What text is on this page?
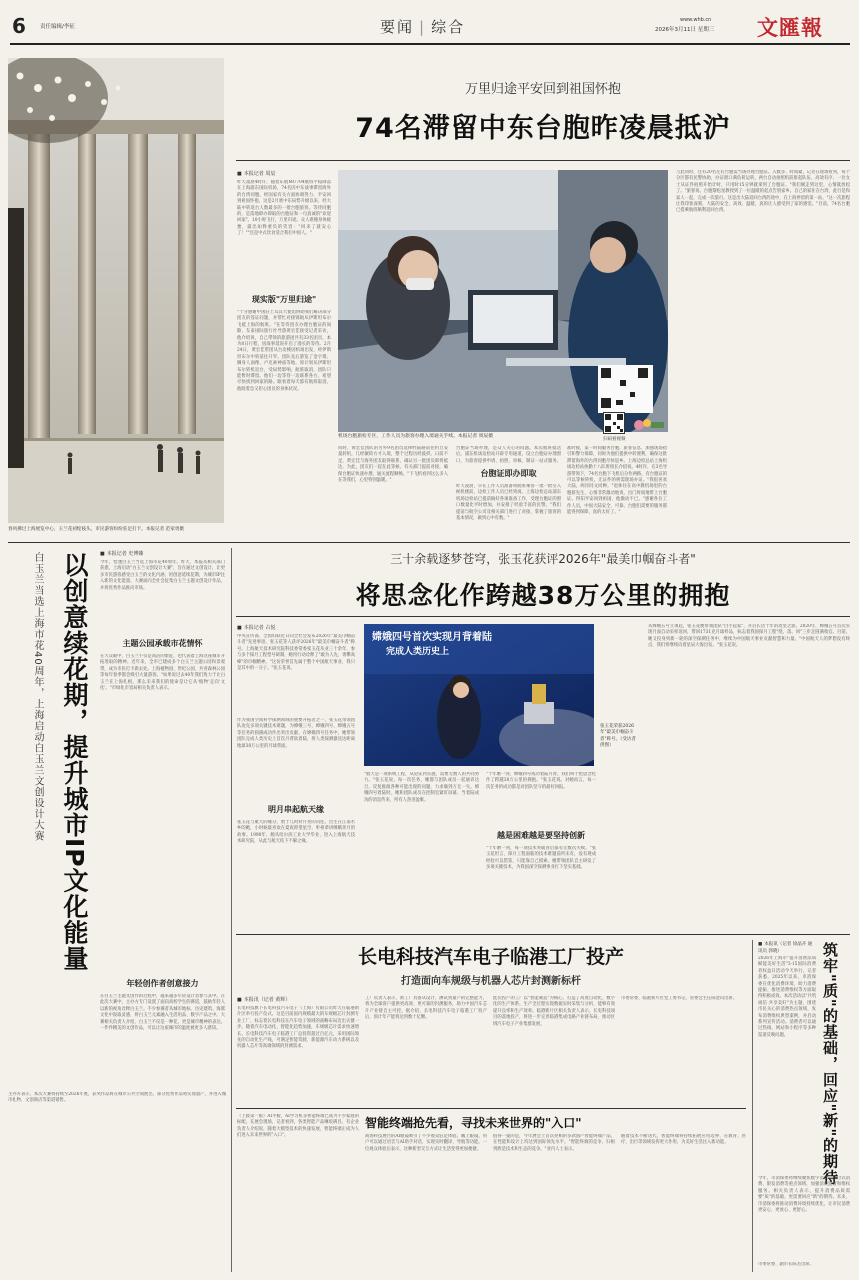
6	责任编辑/李征	要闻 | 综合	www.whb.cn
2026年3月11日 星期三 文匯報
春风拂过上海展览中心，玉兰花初绽枝头，市民游客纷纷驻足打卡。本报记者 范家勇摄
万里归途平安回到祖国怀抱
74名滞留中东台胞昨凌晨抵沪
■ 本报记者 周辰
昨天凌晨4时许，随着东航MU704航班平稳降落在上海浦东国际机场，74名因中东战事滞留海外的台湾同胞，经国家有关方面协调努力，平安回到祖国怀抱。这是2月底中东局势升级以来，经大陆中转返台人数最多的一批台胞旅客。等待同胞的，是落地即办即取的台胞证和一句真诚的"欢迎回家"。10小时飞行，万里归途。众人难掩身体疲惫，露出如释重负的笑容："回来了就安心了！""还是中式饮食适合我们中国人。"
现实版"万里归途"
"十分感谢中国驻土耳其大使馆协助我们解决部分团友的签证问题，并帮忙对接锦航从伊斯坦布尔飞抵上海的航班。"在等待团友办理台胞证的间隙，友泰国际旅行社导游黄宏佳接受记者采访，他介绍说，自己带领的旅游团共有33名团员，本为8日行程，因战事延误开启了漫长的等待。2月24日，黄宏佳带团从台北桃园机场出发，经伊斯坦布尔中转前往开罗。团队先后游览了金字塔、狮身人面像、卢克索神庙等地。原计划从伊斯坦布尔转机返台，受局势影响，航班取消，团队只能暂时滞留。他们一边等待一边联系各方，希望尽快找到回家的路。眼看着每天都有航班取消，他既着急又担心团员的身体状况。
机场台胞旅检专区，工作人员为旅客办理入境通关手续。本报记者 周辰摄
扫码看视频
同时，黄宏佳团队的另外9名团员选择经陆路前往约旦安曼转机，几经辗转方才入境，整个过程历经波折。日前不足，黄宏佳与海外团友取得联系，确认另一批团员即将抵达，为此，团友们一起在此等候。有关部门提前对接，确保台胞证快速办理，通关流程顺畅。"下飞机看到这么多人在等我们，心里特别温暖。"
台胞证当场办理，是众人关心的问题。本次航班抵达后，浦东机场边检站开辟专用通道，设立台胞证办理窗口，为旅客提供申请、拍照、审核、制证一站式服务。
台胞证即办即取
昨天凌晨，早在工作人员准备将航班乘客一批一批引入候机楼前，边检工作人员已经到岗。上海边检总站浦东机场边检站已提前做好各项准备工作，受理台胞证的窗口数量比平时增加，并安排了经验丰富的民警。"我们提前与航空公司及相关部门进行了对接，掌握了旅客的基本情况，做到心中有数。"
准时接，第一时间服务台胞，旅客信息，加强现场指引和警力保障，同时为他们提供中转便利，确保这批滞留海外的台湾同胞尽快返乡。上海边检总站上海机场边检站执勤十八队班组长介绍说。4时许，在3名导游带领下，74名台胞下飞机后分作两路，有台胞证的可以等候转机，无证件的则需现场办证。"我很喜欢大陆，两岸同文同种。"退休住在高中教机场里的台胞蔡先生，心情非常激动地说，出门时间地带上台胞证。得知平安回到祖国，他激动不已。"感谢各位工作人员，中国大陆安全、可靠。台胞们需要的服务都能得到保障，真的太好了。"
与此同时，还有20名左右台胞需当场办理台胞证。入数多、时间紧，记者在现场看到，每个分区都有民警协助，办证窗口满负荷运转，两台自动拍照机前排起队伍，高效有序，一位女士从证件拍照开始计时，只用时15分钟就拿到了台胞证。"我们刚走到这里，心情就放松了。"旅客说。台胞黎松星教授到了一位温暖的起点告别家乡。自己的家住在台湾，此行是和家人一起，完成一次旅行。这是出大陆返回台湾的途中，在上海停留的第一站。"这一次旅程让我印象深刻，大陆的安全、高效、温暖，真的让人感受到了家的感觉。"目前，74名台胞已搭乘航班顺利返回台湾。
以创意续花期，提升城市IP文化能量
白玉兰当选上海市花40周年，上海启动白玉兰文创设计大赛
■	本报记者 史博臻
今年，恰逢白玉兰当选上海市花40周年。昨天，本报从相关部门获悉，上海启动"白玉兰文创设计大赛"，旨在通过文创设计，让更多市民游客感受白玉兰的文化内涵，用创意延续花期，为城市IP注入新的文化能量。大赛面向全社会征集白玉兰主题文创设计作品，并将优秀作品推向市场。
主题公园承载市花情怀
在大众眼中，白玉兰不仅是高洁的象征，也代表着上海这座城市开拓进取的精神。近年来，全市已建成多个白玉兰主题公园和景观带，成为市民打卡新去处。上海植物园、世纪公园、共青森林公园等每年春季都会吸引大量游客。"如果说过去40年我们致力于让白玉兰在上海扎根，那么未来我们的使命是让它从'植物'走向'文化'。"市绿化市容局相关负责人表示。
年轻创作者创意接力
在白玉兰主题文创作的过程中，越来越多年轻设计者参与其中。在此次大赛中，主办方专门设置了面向高校学生的赛道，鼓励年轻人以新的视角诠释白玉兰。不少参赛者从城市地标、历史建筑、海派文化中汲取灵感，将白玉兰元素融入生活用品、数字产品之中。大赛相关负责人介绍，白玉兰不仅是一种花，更是城市精神的表达。一件件精美的文创作品，可以让这座城市的温度被更多人感知。
主办方表示，本次大赛将持续至2026年底，获奖作品将在城市公共空间展出，部分优秀作品将实现量产，并进入城市礼物、文创商店等渠道销售。
三十余载逐梦苍穹，张玉花获评2026年"最美巾帼奋斗者"
将思念化作跨越38万公里的拥抱
■ 本报记者 占悦
中央宣传部、全国妇联近日向全社会发布2026年"最美巾帼奋斗者"先进事迹。张玉花等人获评2026年"最美巾帼奋斗者"称号。上海航天技术研究院科技委常委张玉花从业三十余年，参与多个探月工程型号研制，她用行动诠释了"敢为人先、勇攀高峰"的巾帼精神。"这份荣誉首先属于整个中国航天事业，我只是其中的一分子。"张玉花说。
嫦娥四号首次实现月背着陆
完成人类历史上
张玉花荣获2026年"最美巾帼奋斗者"称号。（受访者供图）
作为我国空间科学探测领域的重要开拓者之一，张玉花带领团队攻克多项关键技术难题，为嫦娥三号、嫦娥四号、嫦娥五号等任务的圆满成功作出突出贡献。在嫦娥四号任务中，她带领团队完成人类历史上首次月背软着陆，将人类探测器送达距离地球38万公里的月球背面。
明月串起航天缘
张玉花与航天的缘分，始于儿时对月亮的向往。出生在江南水乡的她，小时候最喜欢在夏夜仰望星空，听祖辈讲嫦娥奔月的故事。1990年，她从哈尔滨工业大学毕业，进入上海航天技术研究院，从此与航天结下不解之缘。
"航天是一项系统工程，从论证到实施，需要无数人的共同努力。"张玉花说。每一次任务，她都与团队成员一起通宵达旦，反复推演各种可能出现的问题，力求做到万无一失。嫦娥四号着陆时，她和团队成员在控制室紧盯屏幕，当着陆成功的消息传来，所有人热泪盈眶。
"十年磨一剑，嫦娥四号成功着陆月背，我们终于把思念化作了跨越38万公里的拥抱。"张玉花说。对她而言，每一次任务的成功都是对团队坚守的最好回报。
越是困难越是要坚持创新
"十年磨一剑，每一项技术突破背后都有无数次失败。"张玉花坦言，探月工程面临的技术难题前所未有，没有现成经验可以借鉴，只能靠自己摸索。她带领团队自主研发了多项关键技术，为我国深空探测事业打下坚实基础。
从嫦娥五号立项起，张玉花便带领团队"白手起家"，开启长达十年的攻坚之旅。2020年，嫦娥五号首次实现月面自动采样返回，带回1731克月球样品，标志着我国探月工程"绕、落、回"三步走圆满收官。目前，她又投身到新一轮的深空探测任务中，继续为中国航天事业贡献智慧和力量。"中国航天人的梦想没有终点，我们将继续向着星辰大海出发。"张玉花说。
长电科技汽车电子临港工厂投产
打造面向车规级与机器人芯片封测新标杆
■ 本报讯（记者 黄辉）
长电科技旗下长电科技汽车电子（上海）有限公司昨天在临港新片区举行投产仪式。这是目前国内规模最大的车规级芯片封测专业工厂，标志着长电科技在汽车电子领域的战略布局迈出关键一步。随着汽车电动化、智能化趋势加速，车规级芯片需求快速增长。长电科技汽车电子临港工厂总投资超过百亿元，采用国际领先的自动化生产线，可满足智能驾驶、新能源汽车动力系统以及机器人芯片等高端领域的封测需求。
工厂负责人表示，新工厂具备从设计、测试到量产的完整能力，将为全球客户提供更高效、更可靠的封测服务，助力中国汽车芯片产业链自主可控。据介绍，长电科技汽车电子临港工厂投产后，预计年产能将达到数十亿颗。
此次投产的工厂以"智能制造"为核心，打造了高度自动化、数字化的生产体系。生产全过程实现数据实时采集与分析，能够有效提升良率和生产效率。临港新片区相关负责人表示，长电科技项目的落地投产，将进一步完善临港集成电路产业链布局，推动区域汽车电子产业集群发展。
市委常委、临港新片区党工委书记、管委会主任陈金山出席。	筑牢"质"的基础，回应"新"的期待
■ 本报讯（记者 徐晶卉 通讯员 郭晓）
2026年上海市"提升消费品质 赋能美好生活"3·15国际消费者权益日活动今天举行。记者获悉，2025年以来，市消保委在优化消费环境、助力消费提振、推进消费维权等方面取得积极成效。本次活动以"共筑诚信 共享美好"为主题，围绕市民关心的消费热点领域，发布消费维权典型案例，并启动系列宣传活动。消费者可以通过热线、网站和小程序等多种渠道反映问题。
今年，市消保委将继续聚焦数字消费、预付式消费、银发消费等重点领域，加强消费监督和维权服务。相关负责人表示，提升消费品质需要"质"的基础，更需要回应"新"的期待。未来，市消保委将推动消费环境持续优化，让市民消费更安心、更放心、更舒心。
市委常委、副市长陈杰出席。
智能终端抢先看，寻找未来世界的"入口"
（上接第一版）AI平板、AI学习机等智能终端已成为不少家庭的标配。在展会现场，记者看到，各类智能产品琳琅满目。有企业负责人介绍说，随着大模型技术的快速发展，智能终端正成为人们进入未来世界的"入口"。	商汤科技展台的AI眼镜吸引了不少观众驻足体验。戴上眼镜，用户可以通过语音与AI助手对话，实现实时翻译、导航等功能。一位观众体验后表示，这种新型交互方式让生活变得更加便捷。
值得一提的是，今年展会上首次亮相的多款国产智能终端产品，在性能和设计上均达到国际领先水平。"智能终端的竞争，归根到底是技术和生态的竞争。"业内人士表示。
随着技术不断迭代，智能终端将持续拓展应用边界，在教育、医疗、出行等领域发挥更大作用，为美好生活注入新动能。
